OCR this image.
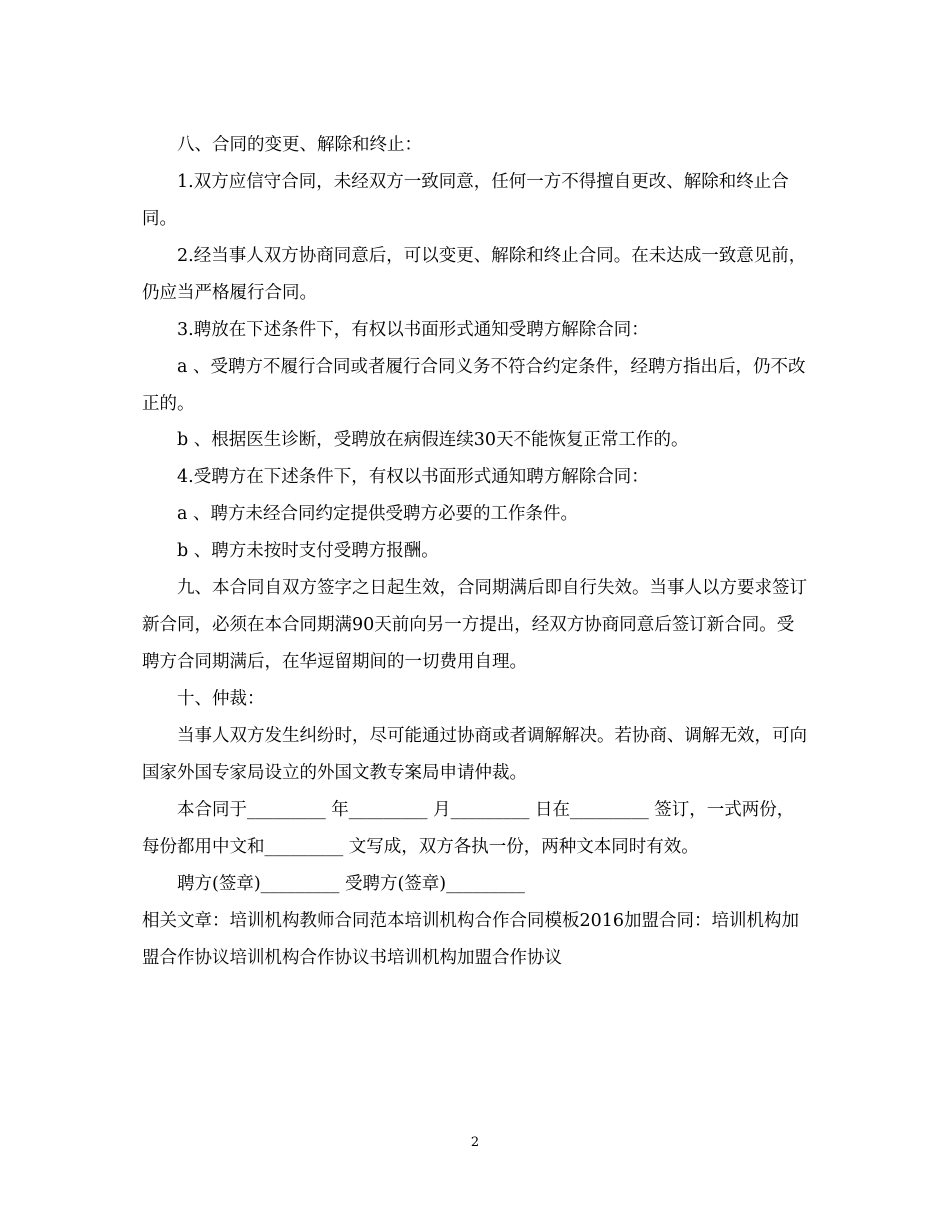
八、合同的变更、解除和终止：

1.双方应信守合同，未经双方一致同意，任何一方不得擅自更改、解除和终止合同。

2.经当事人双方协商同意后，可以变更、解除和终止合同。在未达成一致意见前，仍应当严格履行合同。

3.聘放在下述条件下，有权以书面形式通知受聘方解除合同：

a 、受聘方不履行合同或者履行合同义务不符合约定条件，经聘方指出后，仍不改正的。

b 、根据医生诊断，受聘放在病假连续30天不能恢复正常工作的。

4.受聘方在下述条件下，有权以书面形式通知聘方解除合同：

a 、聘方未经合同约定提供受聘方必要的工作条件。

b 、聘方未按时支付受聘方报酬。

九、本合同自双方签字之日起生效，合同期满后即自行失效。当事人以方要求签订新合同，必须在本合同期满90天前向另一方提出，经双方协商同意后签订新合同。受聘方合同期满后，在华逗留期间的一切费用自理。

十、仲裁：

当事人双方发生纠纷时，尽可能通过协商或者调解解决。若协商、调解无效，可向国家外国专家局设立的外国文教专案局申请仲裁。

本合同于_________ 年_________ 月_________ 日在_________ 签订，一式两份，每份都用中文和_________ 文写成，双方各执一份，两种文本同时有效。

聘方(签章)_________ 受聘方(签章)_________

相关文章：培训机构教师合同范本培训机构合作合同模板2016加盟合同：培训机构加盟合作协议培训机构合作协议书培训机构加盟合作协议

2
